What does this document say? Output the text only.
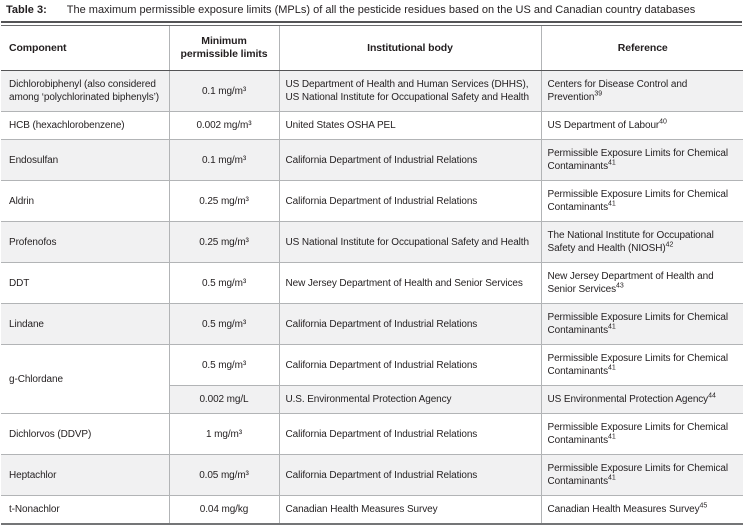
Table 3: The maximum permissible exposure limits (MPLs) of all the pesticide residues based on the US and Canadian country databases
Component	Minimum permissible limits	Institutional body	Reference
Dichlorobiphenyl (also considered among ‘polychlorinated biphenyls’)	0.1 mg/m³	US Department of Health and Human Services (DHHS), US National Institute for Occupational Safety and Health	Centers for Disease Control and Prevention$^{39}$
HCB (hexachlorobenzene)	0.002 mg/m³	United States OSHA PEL	US Department of Labour$^{40}$
Endosulfan	0.1 mg/m³	California Department of Industrial Relations	Permissible Exposure Limits for Chemical Contaminants$^{41}$
Aldrin	0.25 mg/m³	California Department of Industrial Relations	Permissible Exposure Limits for Chemical Contaminants$^{41}$
Profenofos	0.25 mg/m³	US National Institute for Occupational Safety and Health	The National Institute for Occupational Safety and Health (NIOSH)$^{42}$
DDT	0.5 mg/m³	New Jersey Department of Health and Senior Services	New Jersey Department of Health and Senior Services$^{43}$
Lindane	0.5 mg/m³	California Department of Industrial Relations	Permissible Exposure Limits for Chemical Contaminants$^{41}$
g-Chlordane	0.5 mg/m³	California Department of Industrial Relations	Permissible Exposure Limits for Chemical Contaminants$^{41}$
	0.002 mg/L	U.S. Environmental Protection Agency	US Environmental Protection Agency$^{44}$
Dichlorvos (DDVP)	1 mg/m³	California Department of Industrial Relations	Permissible Exposure Limits for Chemical Contaminants$^{41}$
Heptachlor	0.05 mg/m³	California Department of Industrial Relations	Permissible Exposure Limits for Chemical Contaminants$^{41}$
t-Nonachlor	0.04 mg/kg	Canadian Health Measures Survey	Canadian Health Measures Survey$^{45}$
